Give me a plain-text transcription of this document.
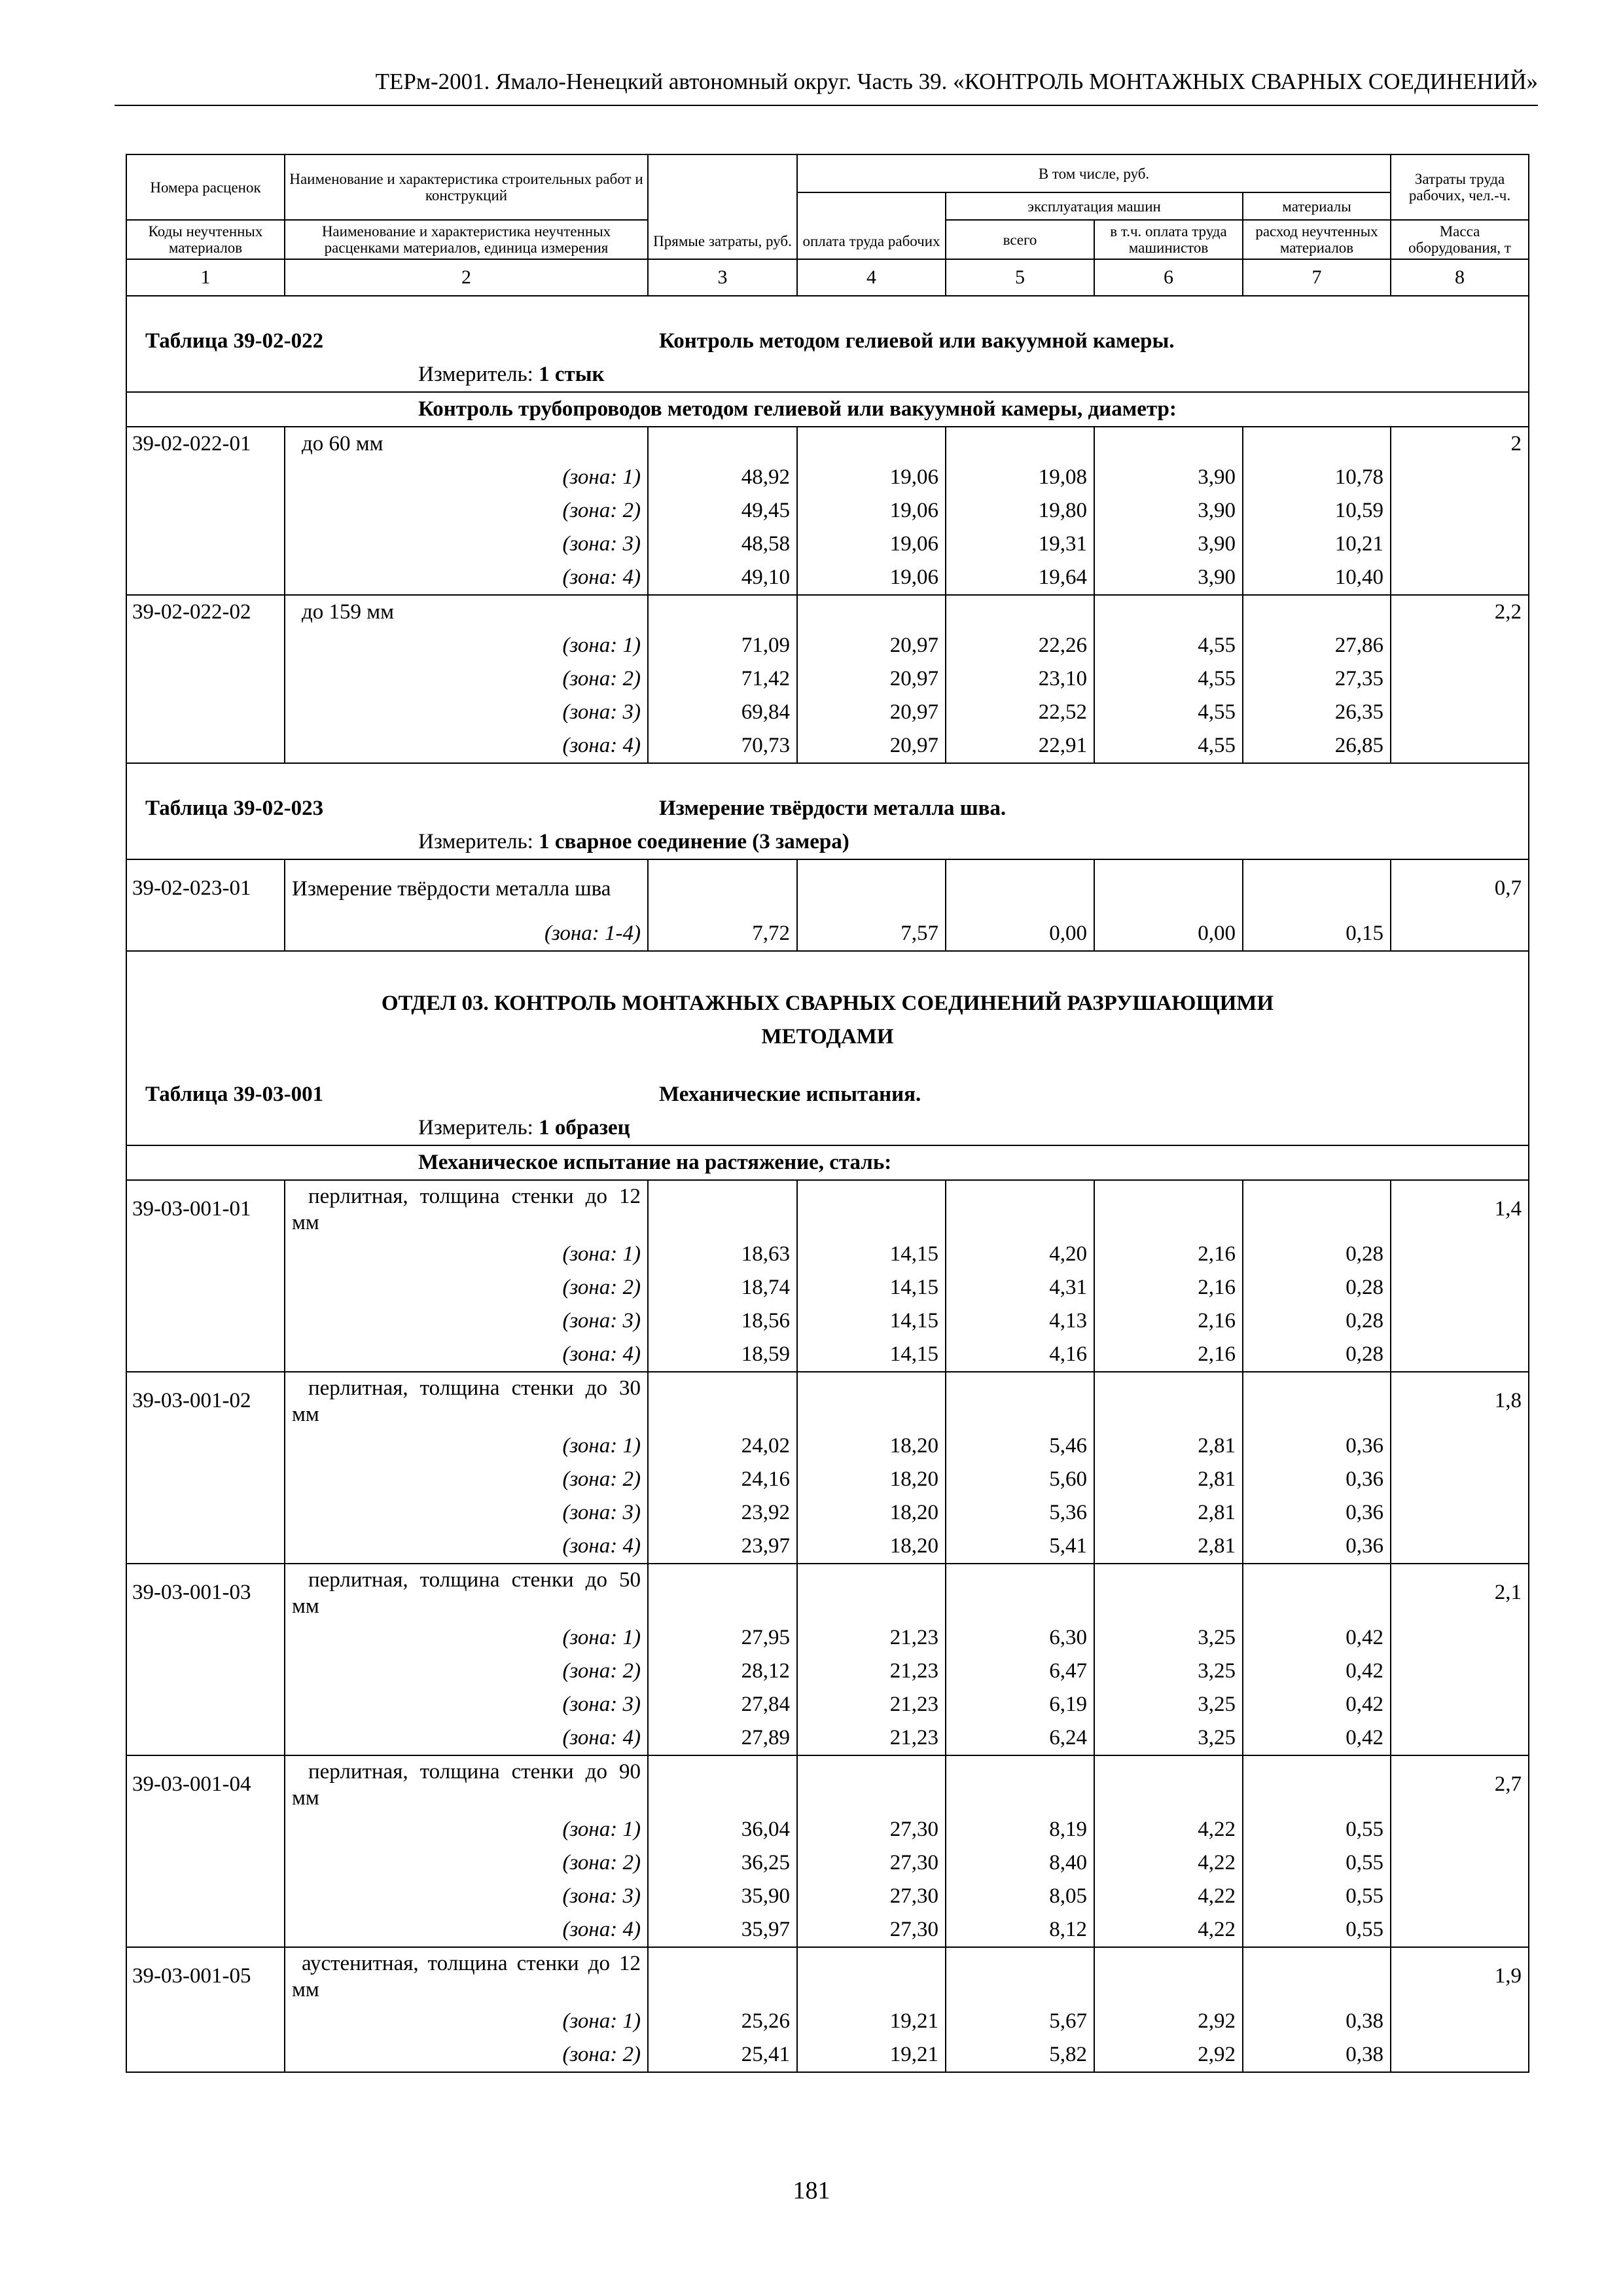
ТЕРм-2001. Ямало-Ненецкий автономный округ. Часть 39. «КОНТРОЛЬ МОНТАЖНЫХ СВАРНЫХ СОЕДИНЕНИЙ»
Номера расценок	Наименование и характеристика строительных работ и конструкций	Прямые затраты, руб.	В том числе, руб.				Затраты труда рабочих, чел.-ч.
			оплата труда рабочих	эксплуатация машин		материалы	

Коды неучтенных материалов	Наименование и характеристика неучтенных расценками материалов, единица измерения			всего	в т.ч. оплата труда машинистов	расход неучтенных материалов	Масса оборудования, т

1	2	3	4	5	6	7	8
Таблица 39-02-022 Контроль методом гелиевой или вакуумной камеры.							
Измеритель: 1 стык							
Контроль трубопроводов методом гелиевой или вакуумной камеры, диаметр:							
39-02-022-01	до 60 мм						2
	(зона: 1)	48,92	19,06	19,08	3,90	10,78	
	(зона: 2)	49,45	19,06	19,80	3,90	10,59	
	(зона: 3)	48,58	19,06	19,31	3,90	10,21	
	(зона: 4)	49,10	19,06	19,64	3,90	10,40	
39-02-022-02	до 159 мм						2,2
	(зона: 1)	71,09	20,97	22,26	4,55	27,86	
	(зона: 2)	71,42	20,97	23,10	4,55	27,35	
	(зона: 3)	69,84	20,97	22,52	4,55	26,35	
	(зона: 4)	70,73	20,97	22,91	4,55	26,85	
Таблица 39-02-023 Измерение твёрдости металла шва.							
Измеритель: 1 сварное соединение (3 замера)							
39-02-023-01	Измерение твёрдости металла шва						0,7
	(зона: 1-4)	7,72	7,57	0,00	0,00	0,15	
ОТДЕЛ 03. КОНТРОЛЬ МОНТАЖНЫХ СВАРНЫХ СОЕДИНЕНИЙ РАЗРУШАЮЩИМИ МЕТОДАМИ							
Таблица 39-03-001 Механические испытания.							
Измеритель: 1 образец							
Механическое испытание на растяжение, сталь:							
39-03-001-01	перлитная, толщина стенки до 12 мм						1,4
	(зона: 1)	18,63	14,15	4,20	2,16	0,28	
	(зона: 2)	18,74	14,15	4,31	2,16	0,28	
	(зона: 3)	18,56	14,15	4,13	2,16	0,28	
	(зона: 4)	18,59	14,15	4,16	2,16	0,28	
39-03-001-02	перлитная, толщина стенки до 30 мм						1,8
	(зона: 1)	24,02	18,20	5,46	2,81	0,36	
	(зона: 2)	24,16	18,20	5,60	2,81	0,36	
	(зона: 3)	23,92	18,20	5,36	2,81	0,36	
	(зона: 4)	23,97	18,20	5,41	2,81	0,36	
39-03-001-03	перлитная, толщина стенки до 50 мм						2,1
	(зона: 1)	27,95	21,23	6,30	3,25	0,42	
	(зона: 2)	28,12	21,23	6,47	3,25	0,42	
	(зона: 3)	27,84	21,23	6,19	3,25	0,42	
	(зона: 4)	27,89	21,23	6,24	3,25	0,42	
39-03-001-04	перлитная, толщина стенки до 90 мм						2,7
	(зона: 1)	36,04	27,30	8,19	4,22	0,55	
	(зона: 2)	36,25	27,30	8,40	4,22	0,55	
	(зона: 3)	35,90	27,30	8,05	4,22	0,55	
	(зона: 4)	35,97	27,30	8,12	4,22	0,55	
39-03-001-05	аустенитная, толщина стенки до 12 мм						1,9
	(зона: 1)	25,26	19,21	5,67	2,92	0,38	
	(зона: 2)	25,41	19,21	5,82	2,92	0,38	
181
